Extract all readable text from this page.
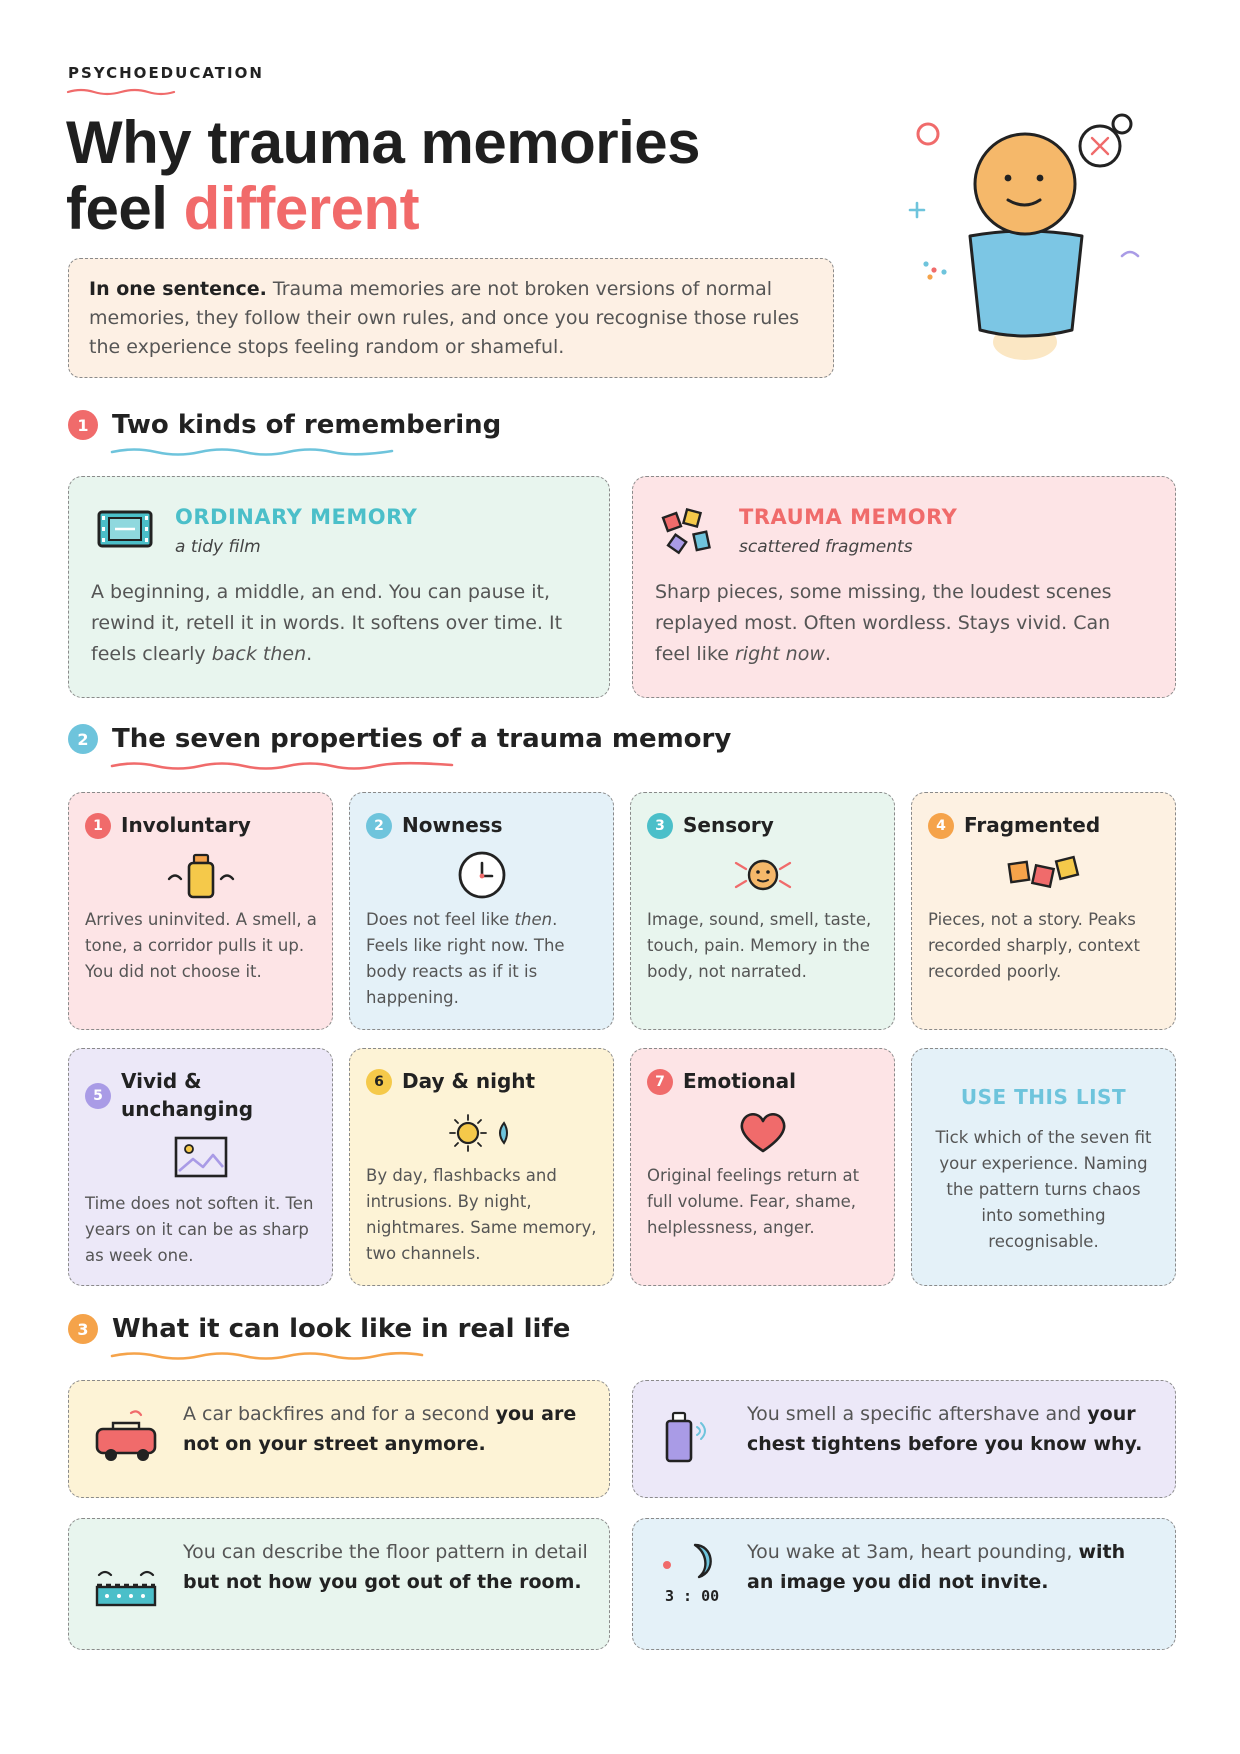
PSYCHOEDUCATION
Why trauma memories
feel different
In one sentence. Trauma memories are not broken versions of normal memories, they follow their own rules, and once you recognise those rules the experience stops feeling random or shameful.
1 Two kinds of remembering
ORDINARY MEMORY
a tidy film
A beginning, a middle, an end. You can pause it, rewind it, retell it in words. It softens over time. It feels clearly back then.
TRAUMA MEMORY
scattered fragments
Sharp pieces, some missing, the loudest scenes replayed most. Often wordless. Stays vivid. Can feel like right now.
2 The seven properties of a trauma memory
1 Involuntary
Arrives uninvited. A smell, a tone, a corridor pulls it up. You did not choose it.
2 Nowness
Does not feel like then. Feels like right now. The body reacts as if it is happening.
3 Sensory
Image, sound, smell, taste, touch, pain. Memory in the body, not narrated.
4 Fragmented
Pieces, not a story. Peaks recorded sharply, context recorded poorly.
5
Vivid & unchanging
Time does not soften it. Ten years on it can be as sharp as week one.
6 Day & night
By day, flashbacks and intrusions. By night, nightmares. Same memory, two channels.
7 Emotional
Original feelings return at full volume. Fear, shame, helplessness, anger.
USE THIS LIST
Tick which of the seven fit your experience. Naming the pattern turns chaos into something recognisable.
3 What it can look like in real life
A car backfires and for a second you are not on your street anymore.
You smell a specific aftershave and your chest tightens before you know why.
You can describe the floor pattern in detail but not how you got out of the room.
3 : 00
You wake at 3am, heart pounding, with an image you did not invite.
